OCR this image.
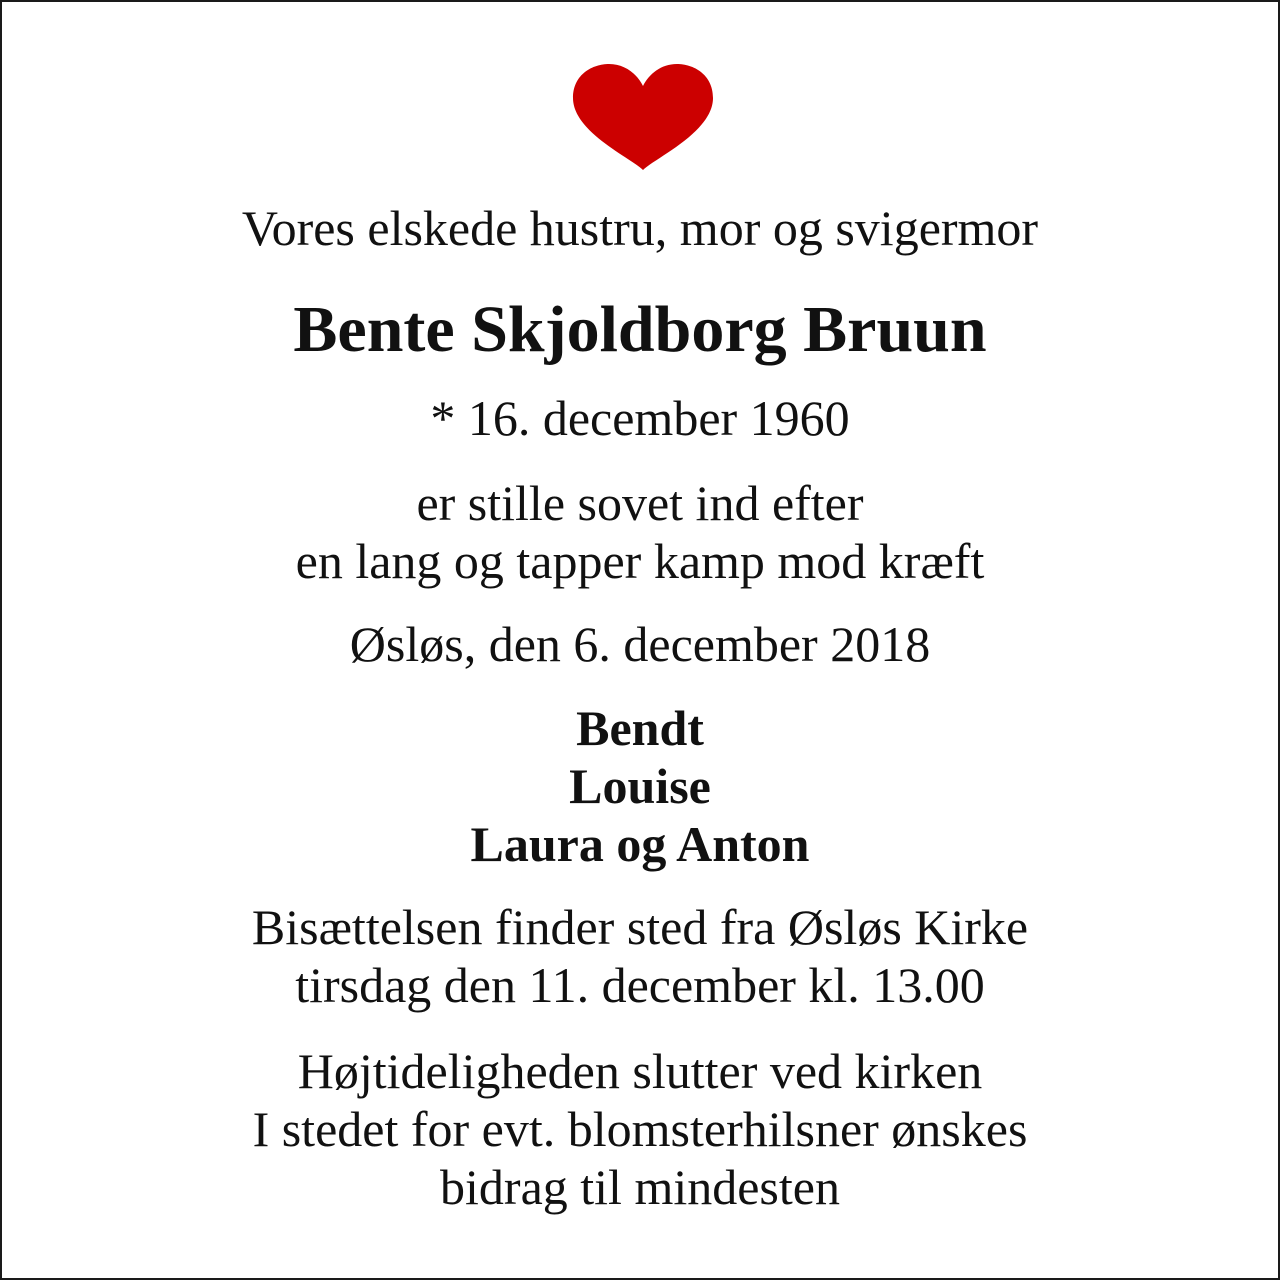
Vores elskede hustru, mor og svigermor

Bente Skjoldborg Bruun

* 16. december 1960

er stille sovet ind efter
en lang og tapper kamp mod kræft

Øsløs, den 6. december 2018

Bendt
Louise
Laura og Anton
Bisættelsen finder sted fra Øsløs Kirke
tirsdag den 11. december kl. 13.00
Højtideligheden slutter ved kirken
I stedet for evt. blomsterhilsner ønskes
bidrag til mindesten
